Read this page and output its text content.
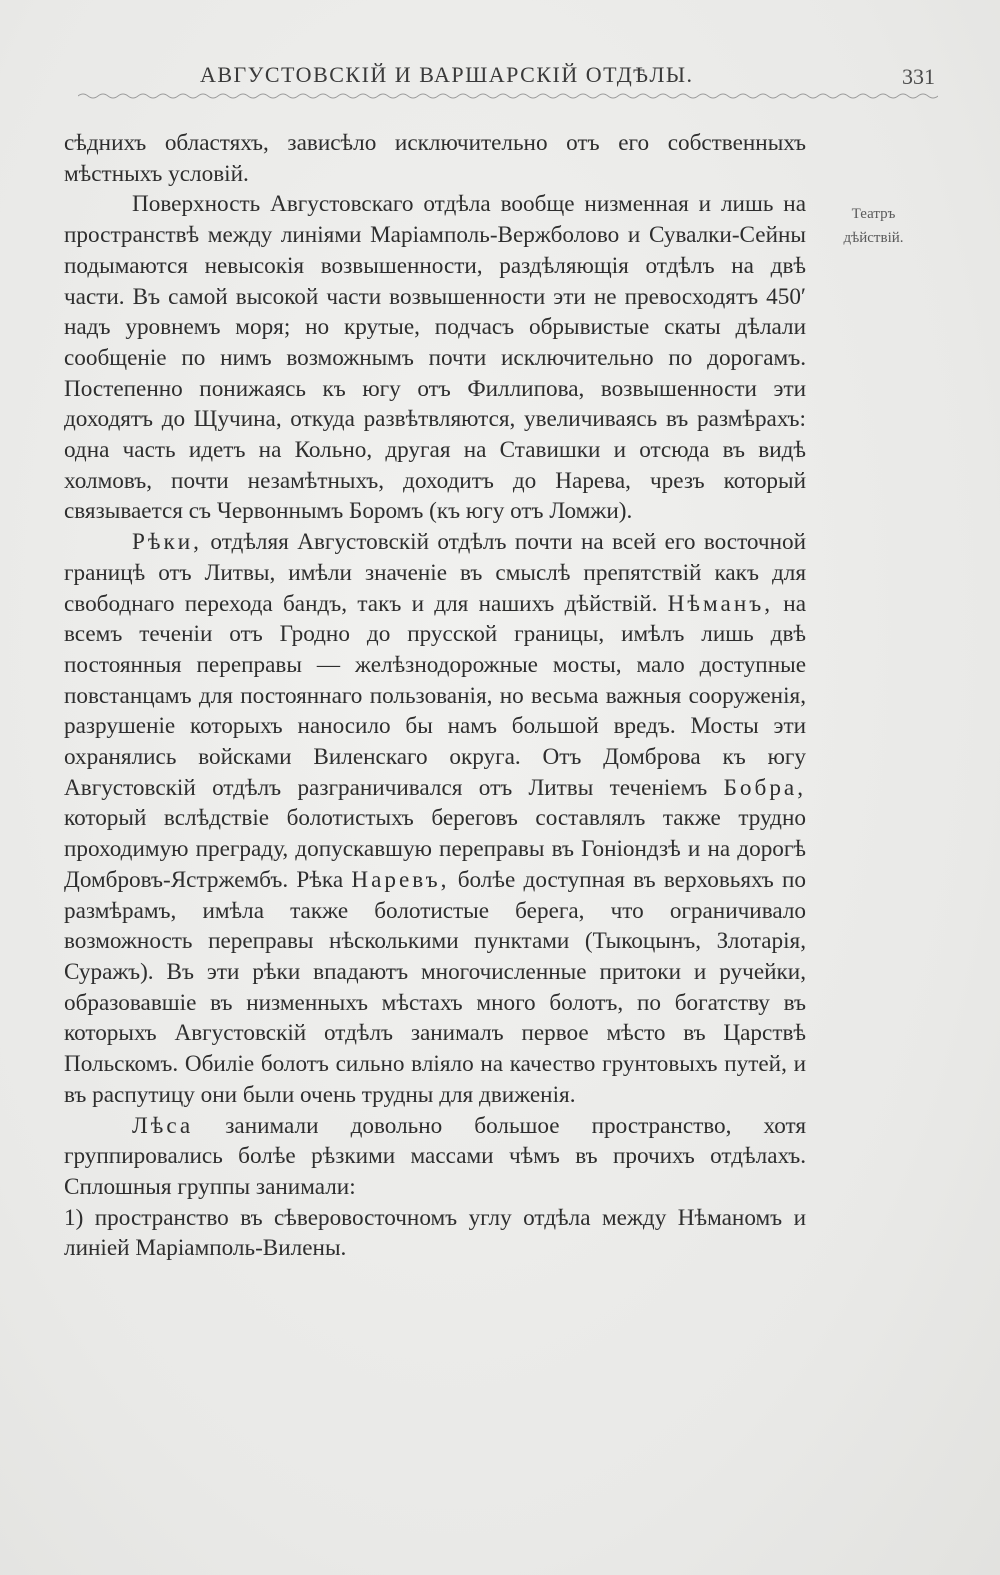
АВГУСТОВСКІЙ И ВАРШАРСКІЙ ОТДѢЛЫ.	331
Театръ
дѣйствій.

сѣднихъ областяхъ, зависѣло исключительно отъ его собственныхъ мѣстныхъ условій.

Поверхность Августовскаго отдѣла вообще низменная и лишь на пространствѣ между линіями Маріамполь-Вержболово и Сувалки-Сейны подымаются невысокія возвышенности, раздѣляющія отдѣлъ на двѣ части. Въ самой высокой части возвышенности эти не превосходятъ 450′ надъ уровнемъ моря; но крутые, подчасъ обрывистые скаты дѣлали сообщеніе по нимъ возможнымъ почти исключительно по дорогамъ. Постепенно понижаясь къ югу отъ Филлипова, возвышенности эти доходятъ до Щучина, откуда развѣтвляются, увеличиваясь въ размѣрахъ: одна часть идетъ на Кольно, другая на Ставишки и отсюда въ видѣ холмовъ, почти незамѣтныхъ, доходитъ до Нарева, чрезъ который связывается съ Червоннымъ Боромъ (къ югу отъ Ломжи).

Рѣки, отдѣляя Августовскій отдѣлъ почти на всей его восточной границѣ отъ Литвы, имѣли значеніе въ смыслѣ препятствій какъ для свободнаго перехода бандъ, такъ и для нашихъ дѣйствій. Нѣманъ, на всемъ теченіи отъ Гродно до прусской границы, имѣлъ лишь двѣ постоянныя переправы — желѣзнодорожные мосты, мало доступные повстанцамъ для постояннаго пользованія, но весьма важныя сооруженія, разрушеніе которыхъ наносило бы намъ большой вредъ. Мосты эти охранялись войсками Виленскаго округа. Отъ Домброва къ югу Августовскій отдѣлъ разграничивался отъ Литвы теченіемъ Бобра, который вслѣдствіе болотистыхъ береговъ составлялъ также трудно проходимую преграду, допускавшую переправы въ Гоніондзѣ и на дорогѣ Домбровъ-Ястржембъ. Рѣка Наревъ, болѣе доступная въ верховьяхъ по размѣрамъ, имѣла также болотистые берега, что ограничивало возможность переправы нѣсколькими пунктами (Тыкоцынъ, Злотарія, Суражъ). Въ эти рѣки впадаютъ многочисленные притоки и ручейки, образовавшіе въ низменныхъ мѣстахъ много болотъ, по богатству въ которыхъ Августовскій отдѣлъ занималъ первое мѣсто въ Царствѣ Польскомъ. Обиліе болотъ сильно вліяло на качество грунтовыхъ путей, и въ распутицу они были очень трудны для движенія.

Лѣса занимали довольно большое пространство, хотя группировались болѣе рѣзкими массами чѣмъ въ прочихъ отдѣлахъ. Сплошныя группы занимали:

1) пространство въ сѣверовосточномъ углу отдѣла между Нѣманомъ и линіей Маріамполь-Вилены.
